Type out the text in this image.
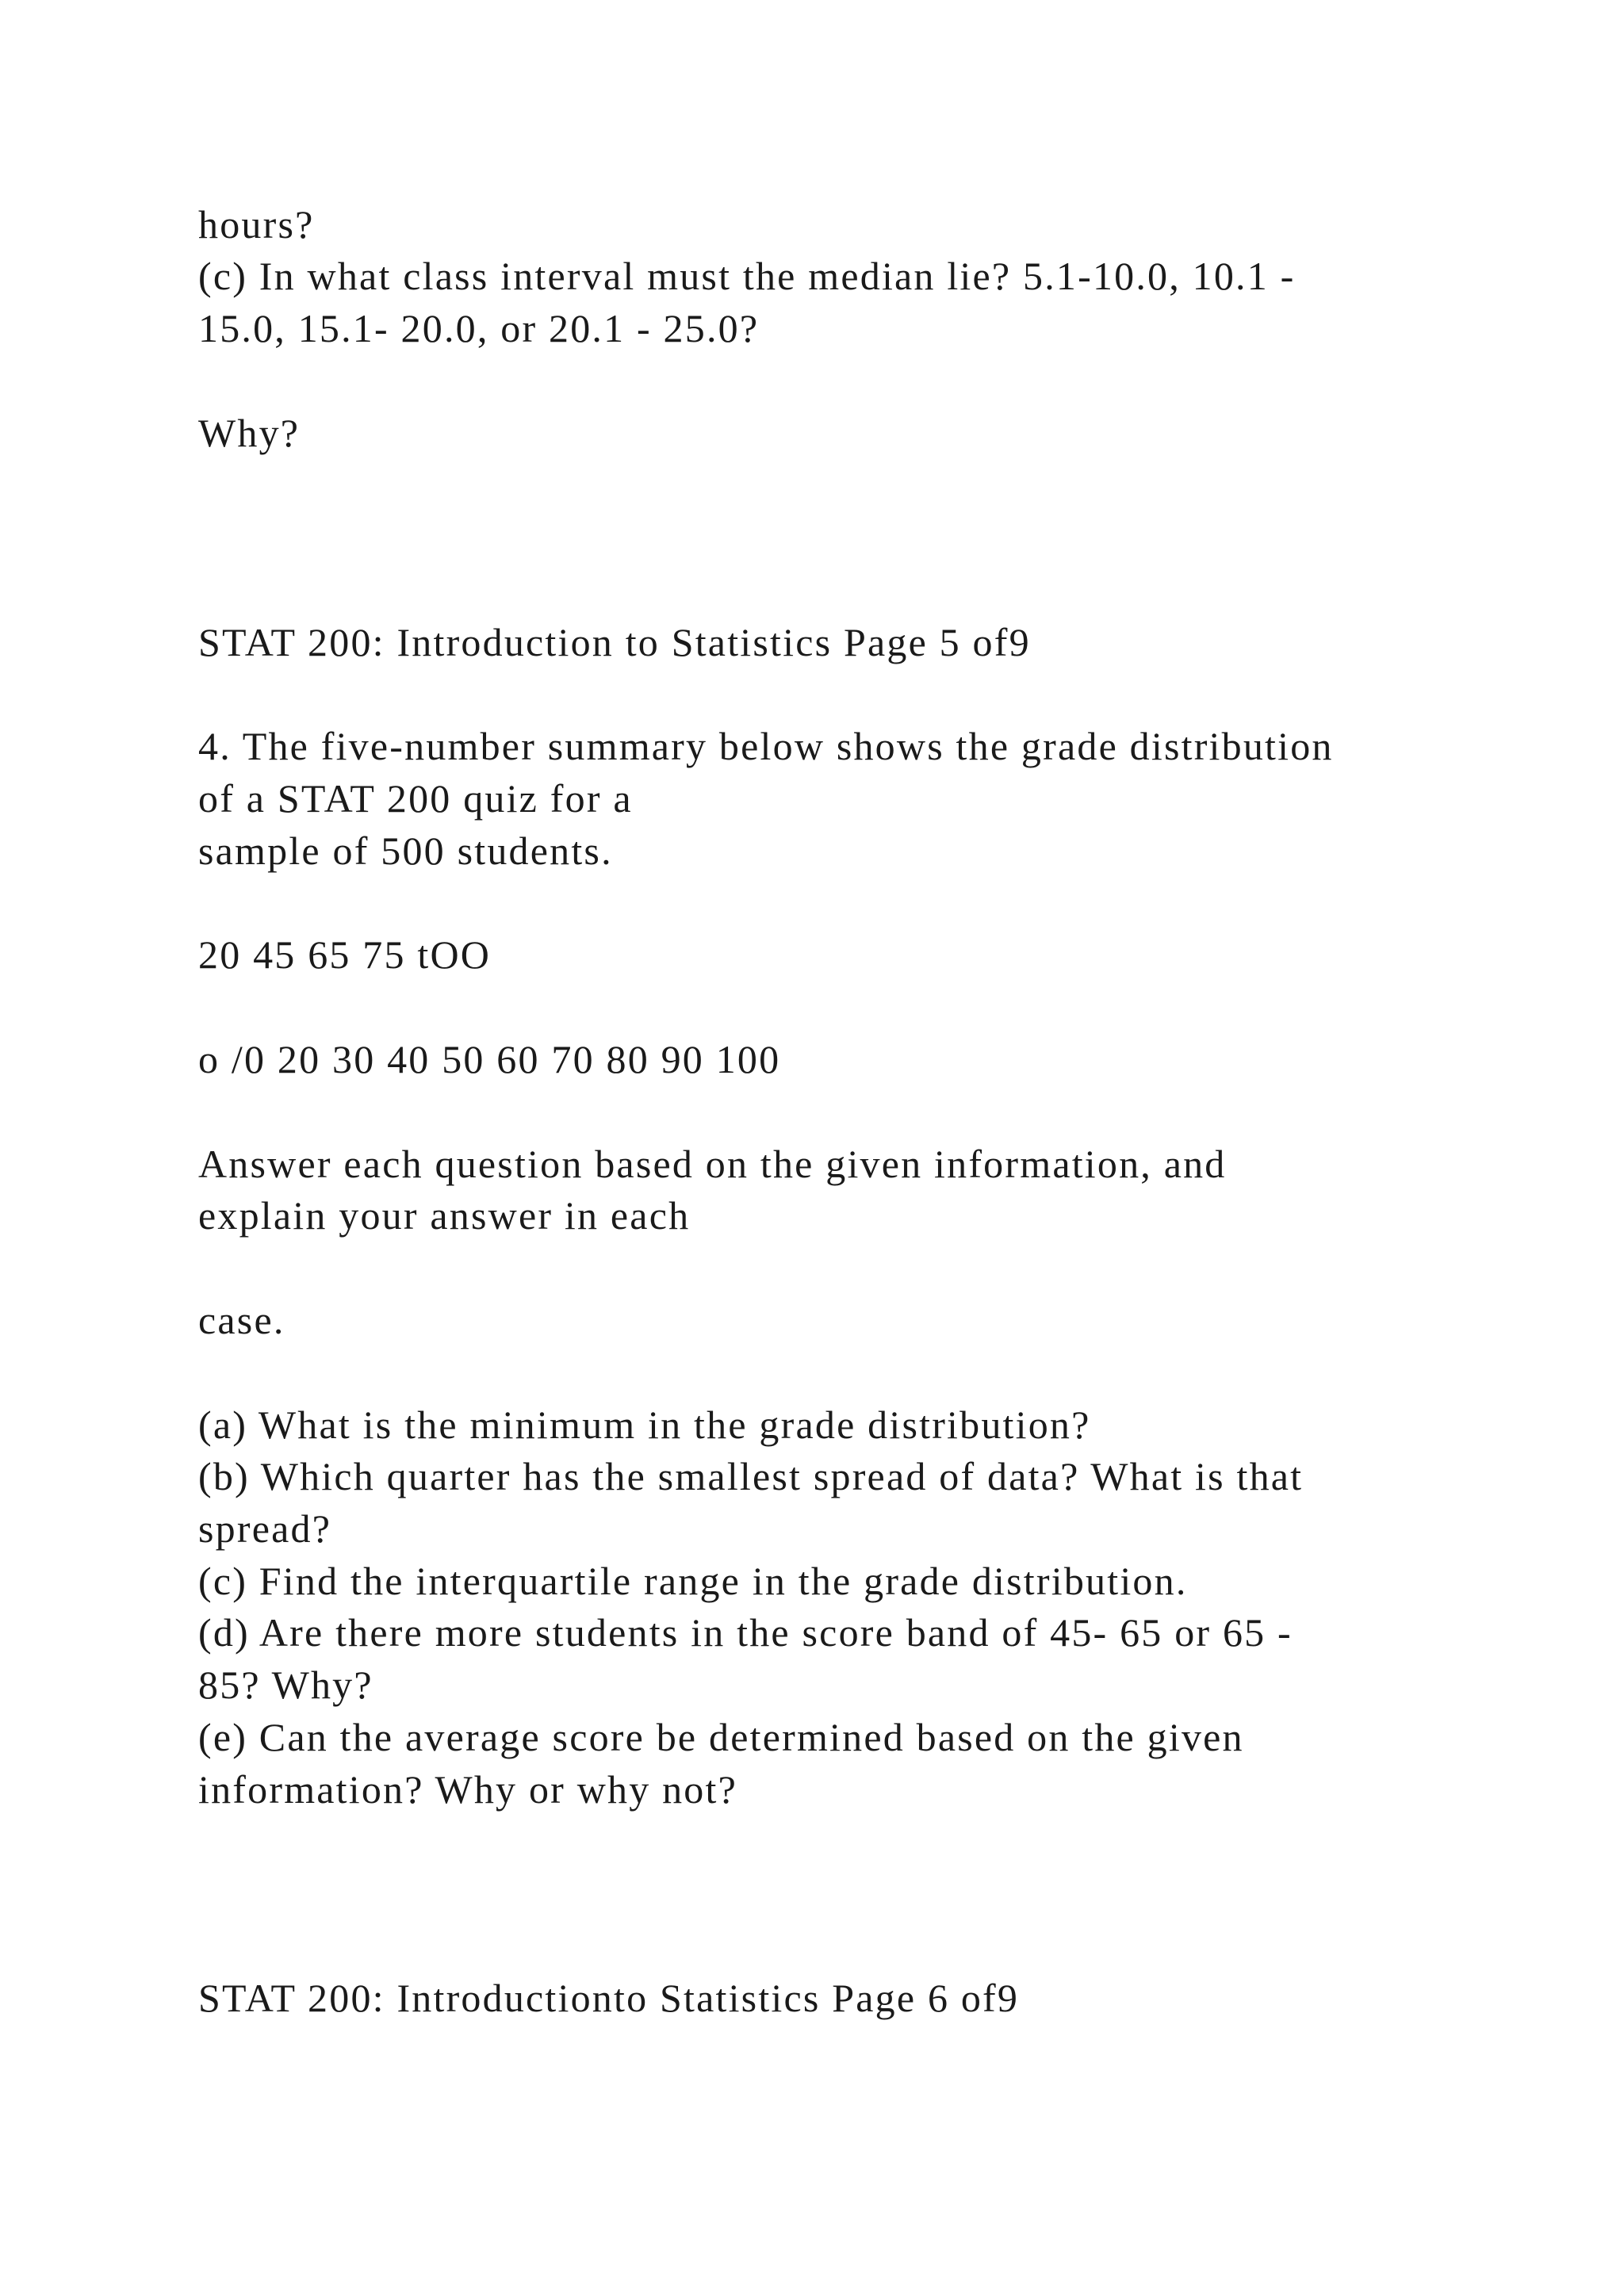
hours?

(c) In what class interval must the median lie? 5.1-10.0, 10.1 -

15.0, 15.1- 20.0, or 20.1 - 25.0?

Why?

STAT 200: Introduction to Statistics Page 5 of9

4. The five-number summary below shows the grade distribution

of a STAT 200 quiz for a

sample of 500 students.

20 45 65 75 tOO

o /0 20 30 40 50 60 70 80 90 100

Answer each question based on the given information, and

explain your answer in each

case.

(a) What is the minimum in the grade distribution?

(b) Which quarter has the smallest spread of data? What is that

spread?

(c) Find the interquartile range in the grade distribution.

(d) Are there more students in the score band of 45- 65 or 65 -

85? Why?

(e) Can the average score be determined based on the given

information? Why or why not?

STAT 200: Introductionto Statistics Page 6 of9
